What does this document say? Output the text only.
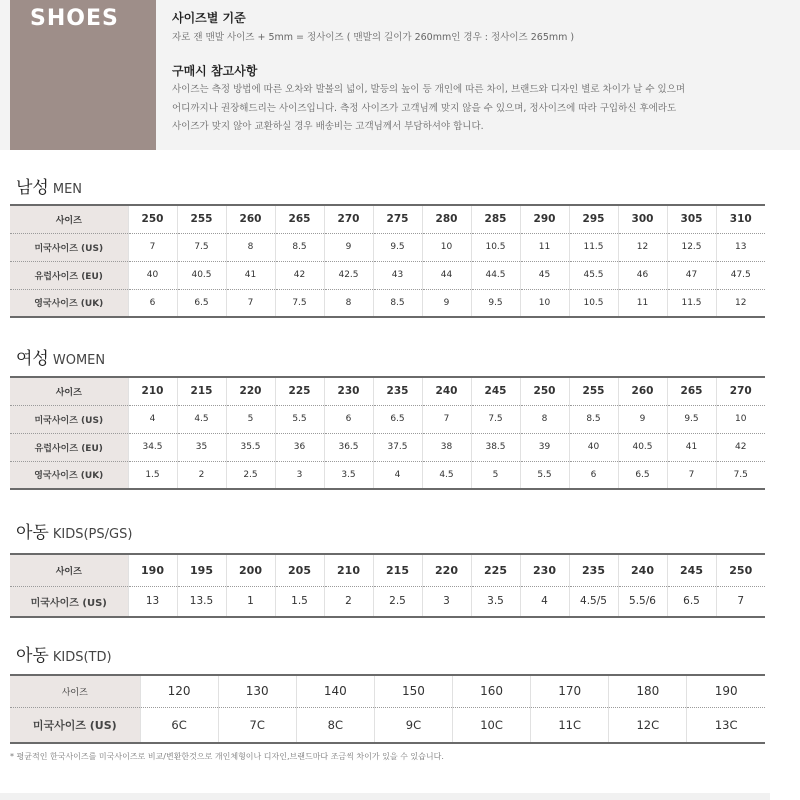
SHOES	사이즈별 기준
자로 잰 맨발 사이즈 + 5mm = 정사이즈 ( 맨발의 길이가 260mm인 경우 : 정사이즈 265mm )
구매시 참고사항
사이즈는 측정 방법에 따른 오차와 발볼의 넓이, 발등의 높이 등 개인에 따른 차이, 브랜드와 디자인 별로 차이가 날 수 있으며
어디까지나 권장해드리는 사이즈입니다. 측정 사이즈가 고객님께 맞지 않을 수 있으며, 정사이즈에 따라 구입하신 후에라도
사이즈가 맞지 않아 교환하실 경우 배송비는 고객님께서 부담하셔야 합니다.
남성 MEN
사이즈	250	255	260	265	270	275	280	285	290	295	300	305	310
미국사이즈 (US)	7	7.5	8	8.5	9	9.5	10	10.5	11	11.5	12	12.5	13
유럽사이즈 (EU)	40	40.5	41	42	42.5	43	44	44.5	45	45.5	46	47	47.5
영국사이즈 (UK)	6	6.5	7	7.5	8	8.5	9	9.5	10	10.5	11	11.5	12
여성 WOMEN
사이즈	210	215	220	225	230	235	240	245	250	255	260	265	270
미국사이즈 (US)	4	4.5	5	5.5	6	6.5	7	7.5	8	8.5	9	9.5	10
유럽사이즈 (EU)	34.5	35	35.5	36	36.5	37.5	38	38.5	39	40	40.5	41	42
영국사이즈 (UK)	1.5	2	2.5	3	3.5	4	4.5	5	5.5	6	6.5	7	7.5
아동 KIDS(PS/GS)
사이즈	190	195	200	205	210	215	220	225	230	235	240	245	250
미국사이즈 (US)	13	13.5	1	1.5	2	2.5	3	3.5	4	4.5/5	5.5/6	6.5	7
아동 KIDS(TD)
사이즈	120	130	140	150	160	170	180	190
미국사이즈 (US)	6C	7C	8C	9C	10C	11C	12C	13C
* 평균적인 한국사이즈를 미국사이즈로 비교/변환한것으로 개인체형이나 디자인,브랜드마다 조금씩 차이가 있을 수 있습니다.
